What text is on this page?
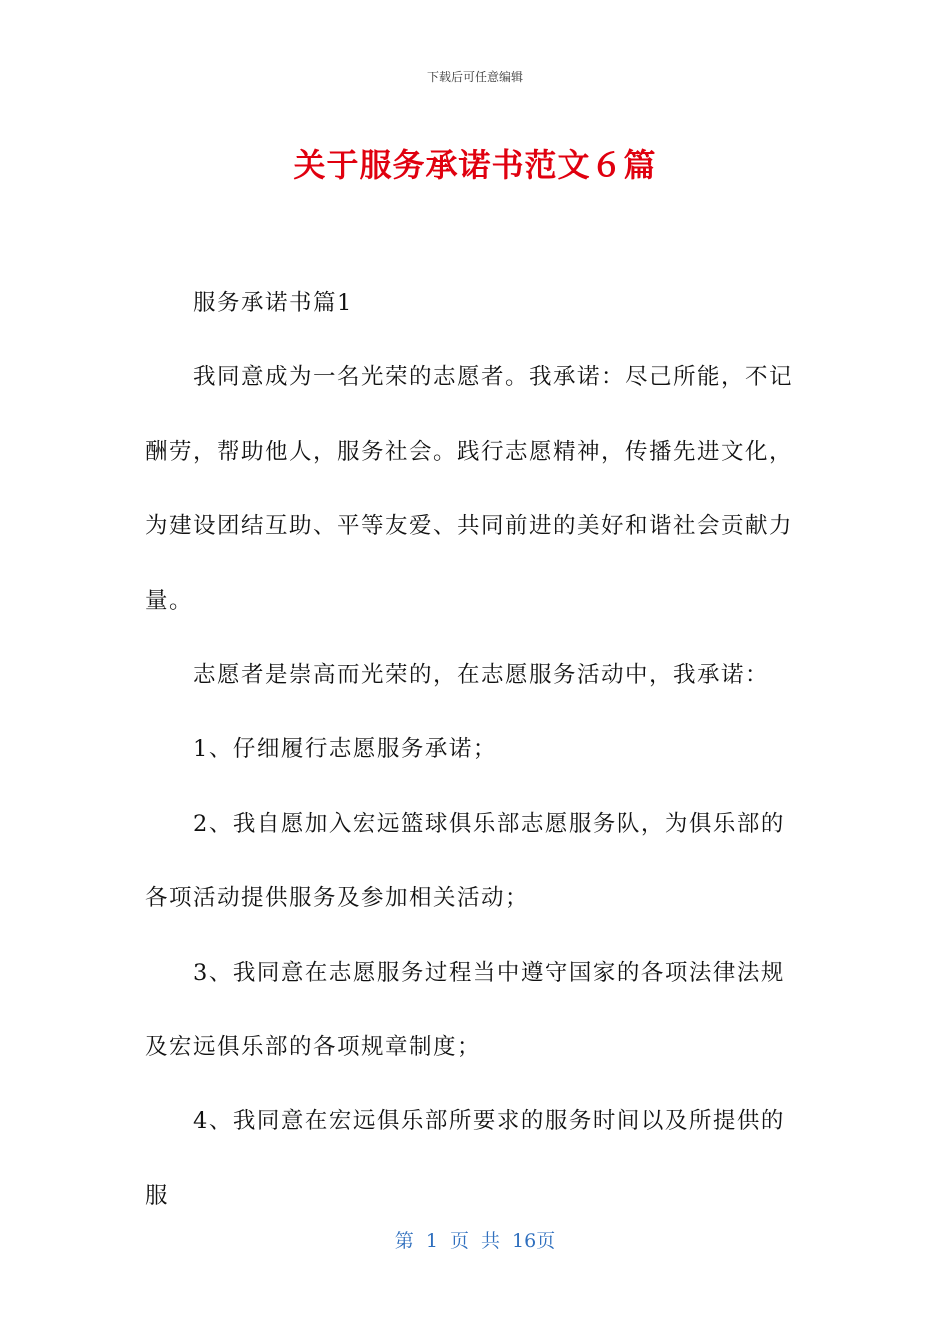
下载后可任意编辑
关于服务承诺书范文６篇

服务承诺书篇1

我同意成为一名光荣的志愿者。我承诺：尽己所能，不记酬劳，帮助他人，服务社会。践行志愿精神，传播先进文化，为建设团结互助、平等友爱、共同前进的美好和谐社会贡献力量。

志愿者是崇高而光荣的，在志愿服务活动中，我承诺：

1、仔细履行志愿服务承诺；

2、我自愿加入宏远篮球俱乐部志愿服务队，为俱乐部的各项活动提供服务及参加相关活动；

3、我同意在志愿服务过程当中遵守国家的各项法律法规及宏远俱乐部的各项规章制度；

4、我同意在宏远俱乐部所要求的服务时间以及所提供的服

第 1 页 共 16页
